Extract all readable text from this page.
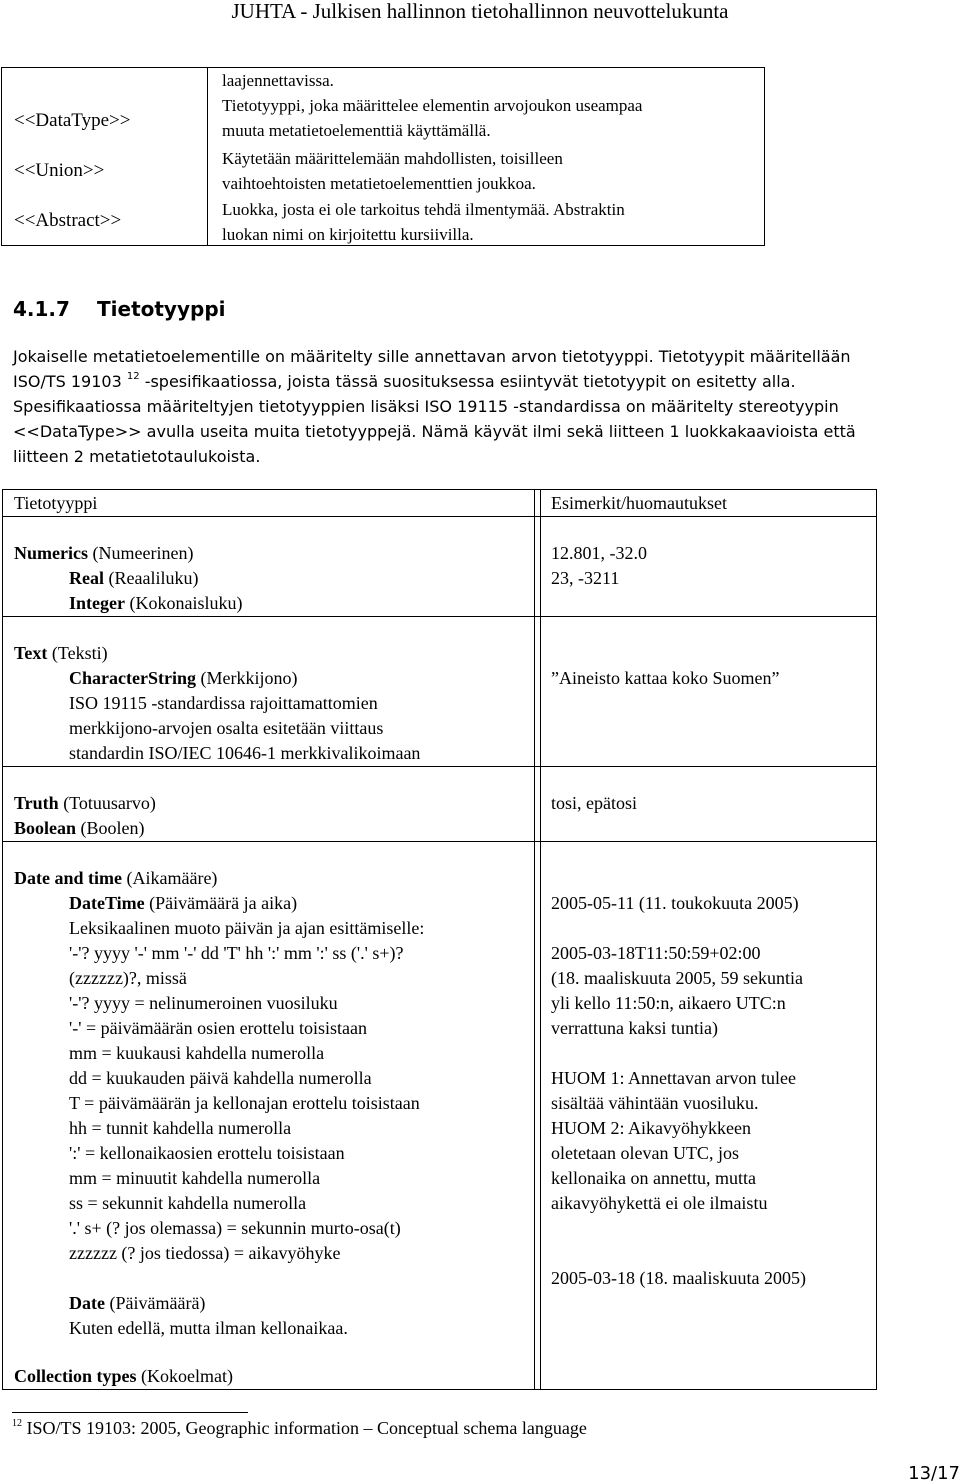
JUHTA - Julkisen hallinnon tietohallinnon neuvottelukunta
<<DataType>>
<<Union>>
<<Abstract>>
laajennettavissa.
Tietotyyppi, joka määrittelee elementin arvojoukon useampaa
muuta metatietoelementtiä käyttämällä.
Käytetään määrittelemään mahdollisten, toisilleen
vaihtoehtoisten metatietoelementtien joukkoa.
Luokka, josta ei ole tarkoitus tehdä ilmentymää. Abstraktin
luokan nimi on kirjoitettu kursiivilla.
4.1.7 Tietotyyppi
Jokaiselle metatietoelementille on määritelty sille annettavan arvon tietotyyppi. Tietotyypit määritellään
ISO/TS 19103 $^{12}$ -spesifikaatiossa, joista tässä suosituksessa esiintyvät tietotyypit on esitetty alla.
Spesifikaatiossa määriteltyjen tietotyyppien lisäksi ISO 19115 -standardissa on määritelty stereotyypin
<<DataType>> avulla useita muita tietotyyppejä. Nämä käyvät ilmi sekä liitteen 1 luokkakaavioista että
liitteen 2 metatietotaulukoista.
Tietotyyppi	Esimerkit/huomautukset
Numerics (Numeerinen)
Real (Reaaliluku)
Integer (Kokonaisluku)
12.801, -32.0
23, -3211
Text (Teksti)
CharacterString (Merkkijono)
ISO 19115 -standardissa rajoittamattomien
merkkijono-arvojen osalta esitetään viittaus
standardin ISO/IEC 10646-1 merkkivalikoimaan
”Aineisto kattaa koko Suomen”
Truth (Totuusarvo)
Boolean (Boolen)
tosi, epätosi
Date and time (Aikamääre)
DateTime (Päivämäärä ja aika)
Leksikaalinen muoto päivän ja ajan esittämiselle:
'-'? yyyy '-' mm '-' dd 'T' hh ':' mm ':' ss ('.' s+)?
(zzzzzz)?, missä
'-'? yyyy = nelinumeroinen vuosiluku
'-' = päivämäärän osien erottelu toisistaan
mm = kuukausi kahdella numerolla
dd = kuukauden päivä kahdella numerolla
T = päivämäärän ja kellonajan erottelu toisistaan
hh = tunnit kahdella numerolla
':' = kellonaikaosien erottelu toisistaan
mm = minuutit kahdella numerolla
ss = sekunnit kahdella numerolla
'.' s+ (? jos olemassa) = sekunnin murto-osa(t)
zzzzzz (? jos tiedossa) = aikavyöhyke
Date (Päivämäärä)
Kuten edellä, mutta ilman kellonaikaa.
2005-05-11 (11. toukokuuta 2005)
2005-03-18T11:50:59+02:00
(18. maaliskuuta 2005, 59 sekuntia
yli kello 11:50:n, aikaero UTC:n
verrattuna kaksi tuntia)
HUOM 1: Annettavan arvon tulee
sisältää vähintään vuosiluku.
HUOM 2: Aikavyöhykkeen
oletetaan olevan UTC, jos
kellonaika on annettu, mutta
aikavyöhykettä ei ole ilmaistu
2005-03-18 (18. maaliskuuta 2005)
Collection types (Kokoelmat)
$^{12}$ ISO/TS 19103: 2005, Geographic information – Conceptual schema language
13/17
